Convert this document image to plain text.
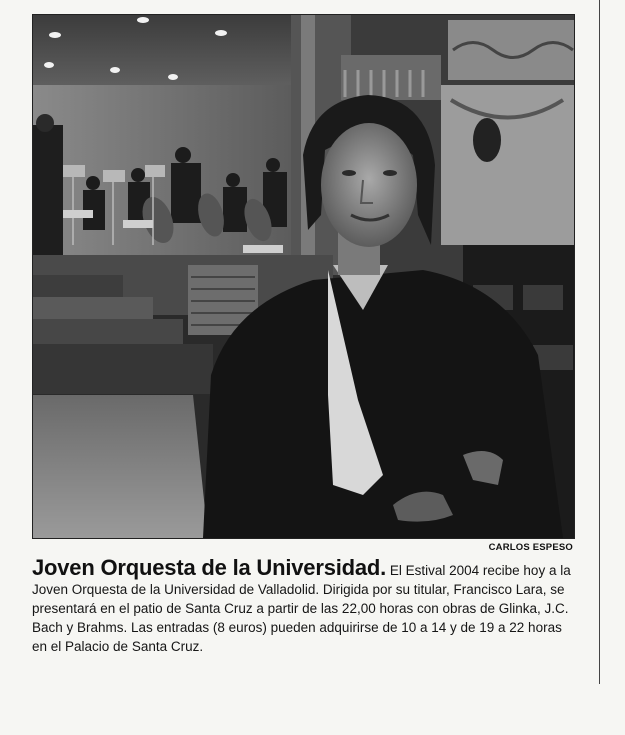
CARLOS ESPESO
Joven Orquesta de la Universidad. El Estival 2004 recibe hoy a la Joven Orquesta de la Universidad de Valladolid. Dirigida por su titular, Francisco Lara, se presentará en el patio de Santa Cruz a partir de las 22,00 horas con obras de Glinka, J.C. Bach y Brahms. Las entradas (8 euros) pueden adquirirse de 10 a 14 y de 19 a 22 horas en el Palacio de Santa Cruz.
